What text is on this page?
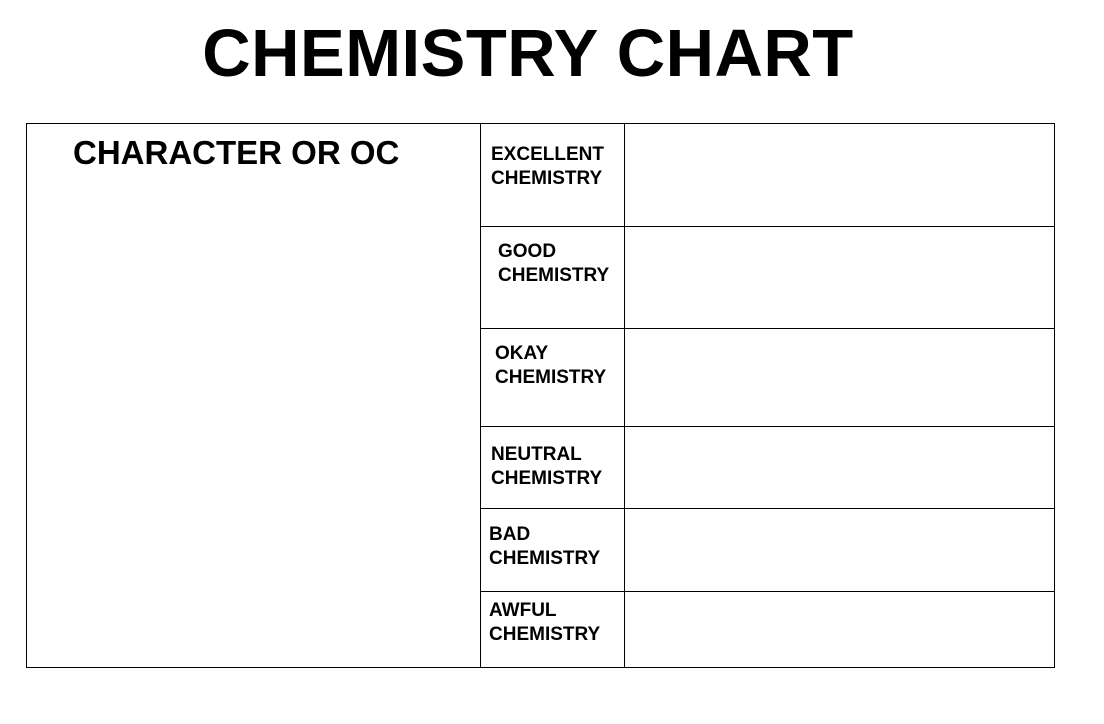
CHEMISTRY CHART
CHARACTER OR OC	EXCELLENT
CHEMISTRY
GOOD
CHEMISTRY
OKAY
CHEMISTRY
NEUTRAL
CHEMISTRY
BAD
CHEMISTRY
AWFUL
CHEMISTRY
